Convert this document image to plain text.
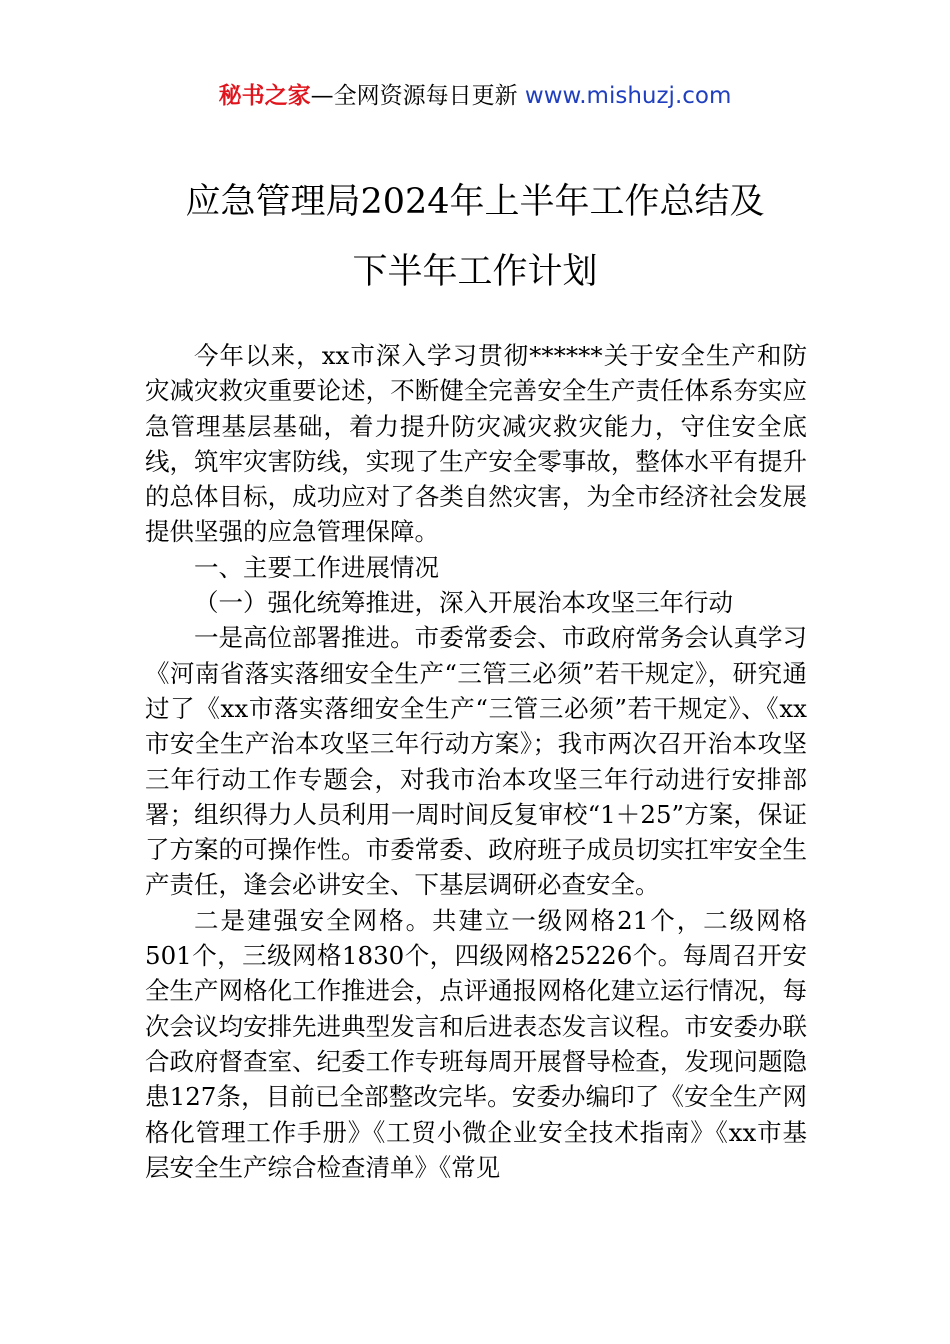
秘书之家—全网资源每日更新 www.mishuzj.com
应急管理局2024年上半年工作总结及
下半年工作计划

今年以来，xx市深入学习贯彻******关于安全生产和防灾减灾救灾重要论述，不断健全完善安全生产责任体系夯实应急管理基层基础，着力提升防灾减灾救灾能力，守住安全底线，筑牢灾害防线，实现了生产安全零事故，整体水平有提升的总体目标，成功应对了各类自然灾害，为全市经济社会发展提供坚强的应急管理保障。

一、主要工作进展情况

（一）强化统筹推进，深入开展治本攻坚三年行动

一是高位部署推进。市委常委会、市政府常务会认真学习《河南省落实落细安全生产“三管三必须”若干规定》，研究通过了《xx市落实落细安全生产“三管三必须”若干规定》、《xx市安全生产治本攻坚三年行动方案》；我市两次召开治本攻坚三年行动工作专题会，对我市治本攻坚三年行动进行安排部署；组织得力人员利用一周时间反复审校“1＋25”方案，保证了方案的可操作性。市委常委、政府班子成员切实扛牢安全生产责任，逢会必讲安全、下基层调研必查安全。

二是建强安全网格。共建立一级网格21个，二级网格501个，三级网格1830个，四级网格25226个。每周召开安全生产网格化工作推进会，点评通报网格化建立运行情况，每次会议均安排先进典型发言和后进表态发言议程。市安委办联合政府督查室、纪委工作专班每周开展督导检查，发现问题隐患127条，目前已全部整改完毕。安委办编印了《安全生产网格化管理工作手册》《工贸小微企业安全技术指南》《xx市基层安全生产综合检查清单》《常见
